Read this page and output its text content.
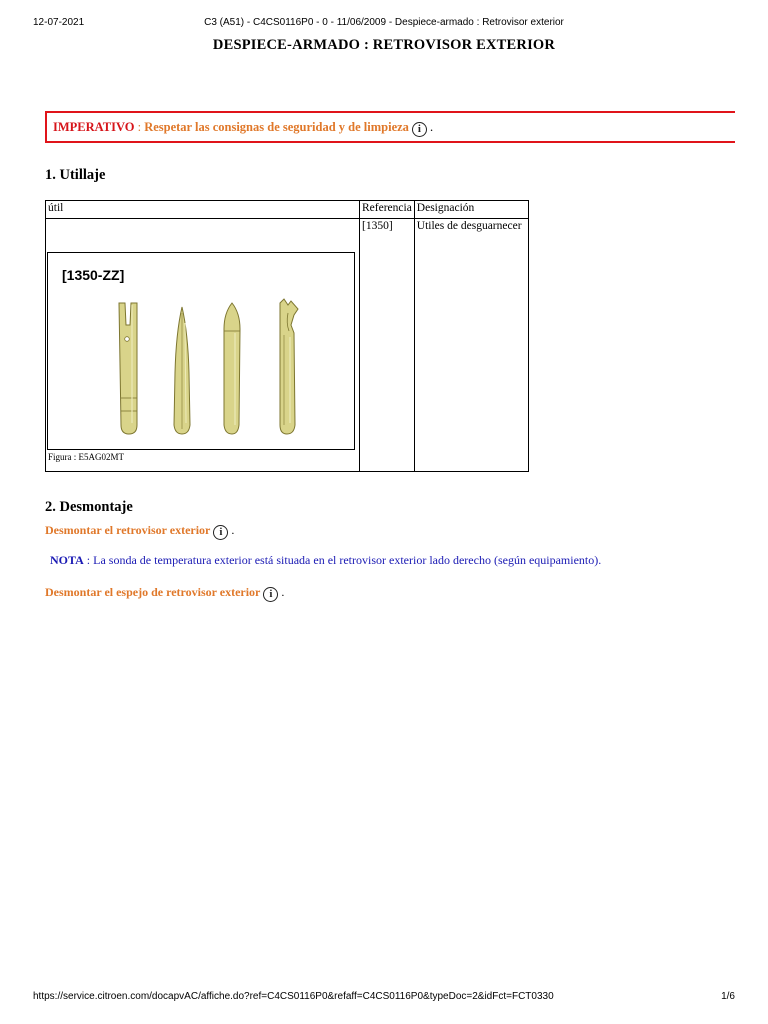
12-07-2021	C3 (A51) - C4CS0116P0 - 0 - 11/06/2009 - Despiece-armado : Retrovisor exterior
DESPIECE-ARMADO : RETROVISOR EXTERIOR
IMPERATIVO : Respetar las consignas de seguridad y de limpieza i .
1. Utillaje
útil	Referencia	Designación
	[1350]	Utiles de desguarnecer
[1350-ZZ]
Figura : E5AG02MT
2. Desmontaje
Desmontar el retrovisor exterior i .
NOTA : La sonda de temperatura exterior está situada en el retrovisor exterior lado derecho (según equipamiento).
Desmontar el espejo de retrovisor exterior i .
https://service.citroen.com/docapvAC/affiche.do?ref=C4CS0116P0&refaff=C4CS0116P0&typeDoc=2&idFct=FCT0330	1/6
